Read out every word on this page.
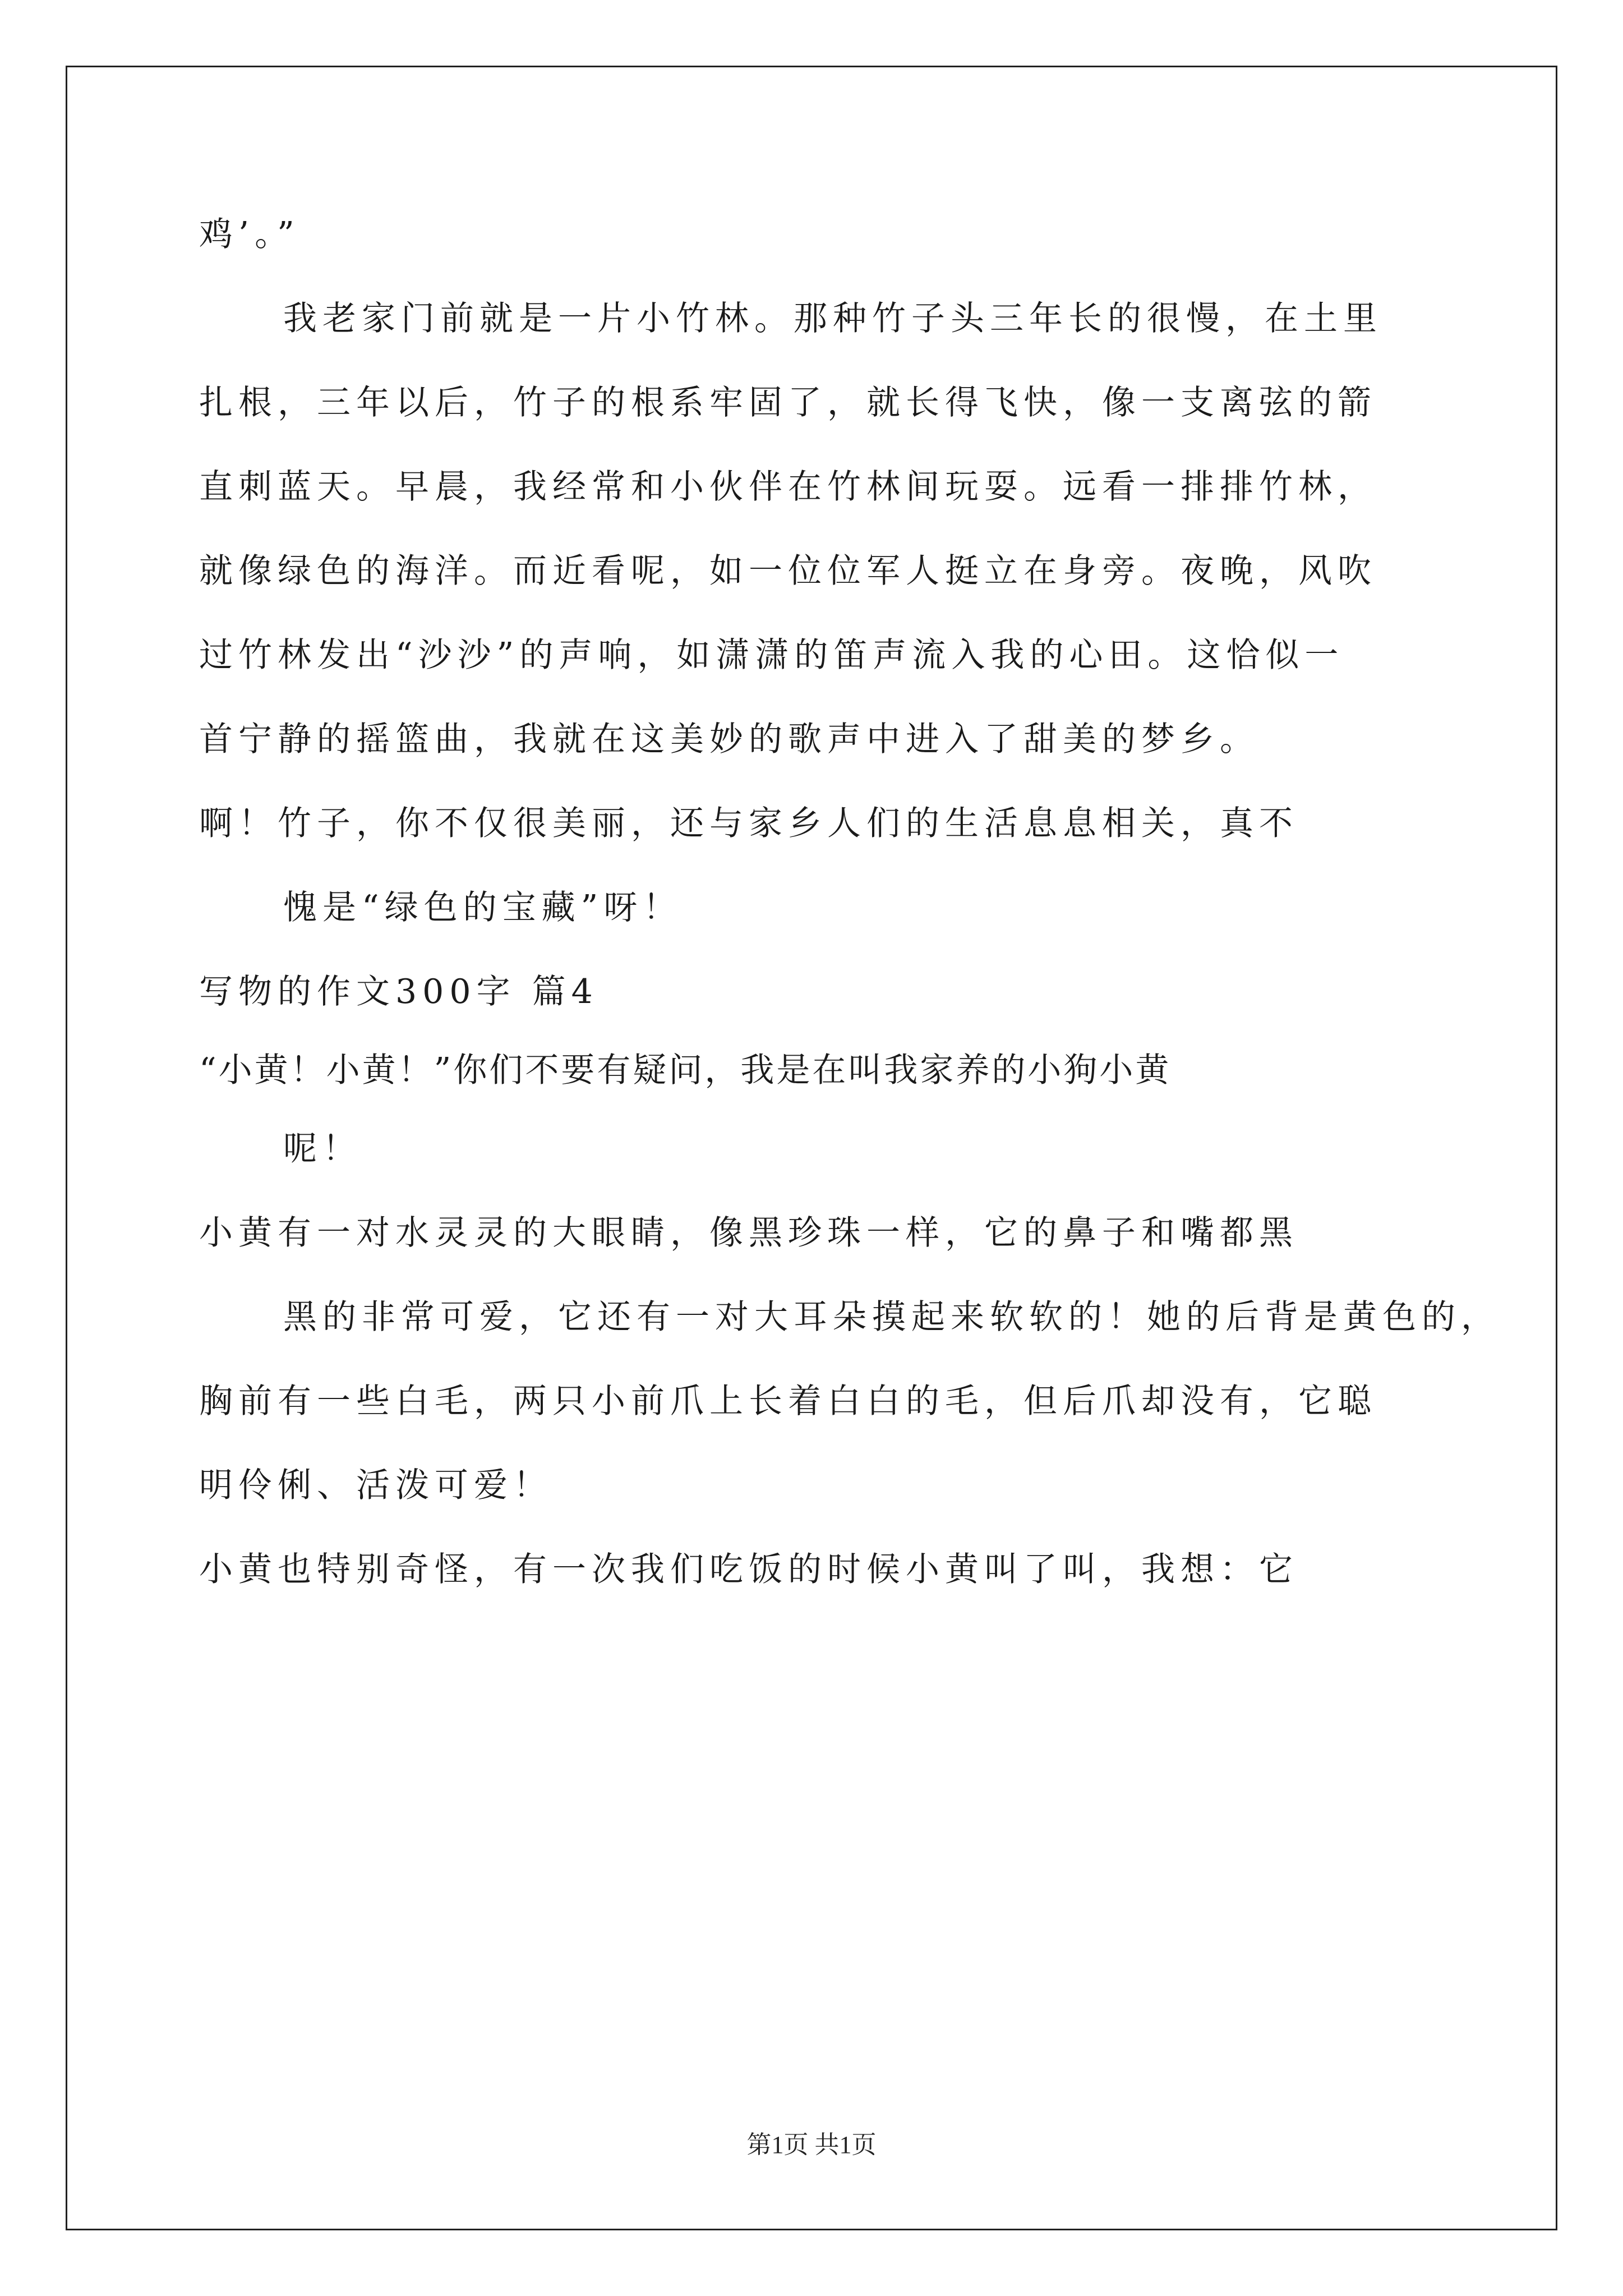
鸡’。”
我老家门前就是一片小竹林。那种竹子头三年长的很慢，在土里
扎根，三年以后，竹子的根系牢固了，就长得飞快，像一支离弦的箭
直刺蓝天。早晨，我经常和小伙伴在竹林间玩耍。远看一排排竹林，
就像绿色的海洋。而近看呢，如一位位军人挺立在身旁。夜晚，风吹
过竹林发出“沙沙”的声响，如潇潇的笛声流入我的心田。这恰似一
首宁静的摇篮曲，我就在这美妙的歌声中进入了甜美的梦乡。
啊！竹子，你不仅很美丽，还与家乡人们的生活息息相关，真不
愧是“绿色的宝藏”呀！
写物的作文300字 篇4
“小黄！小黄！”你们不要有疑问，我是在叫我家养的小狗小黄
呢！
小黄有一对水灵灵的大眼睛，像黑珍珠一样，它的鼻子和嘴都黑
黑的非常可爱，它还有一对大耳朵摸起来软软的！她的后背是黄色的，
胸前有一些白毛，两只小前爪上长着白白的毛，但后爪却没有，它聪
明伶俐、活泼可爱！
小黄也特别奇怪，有一次我们吃饭的时候小黄叫了叫，我想：它
第1页 共1页
